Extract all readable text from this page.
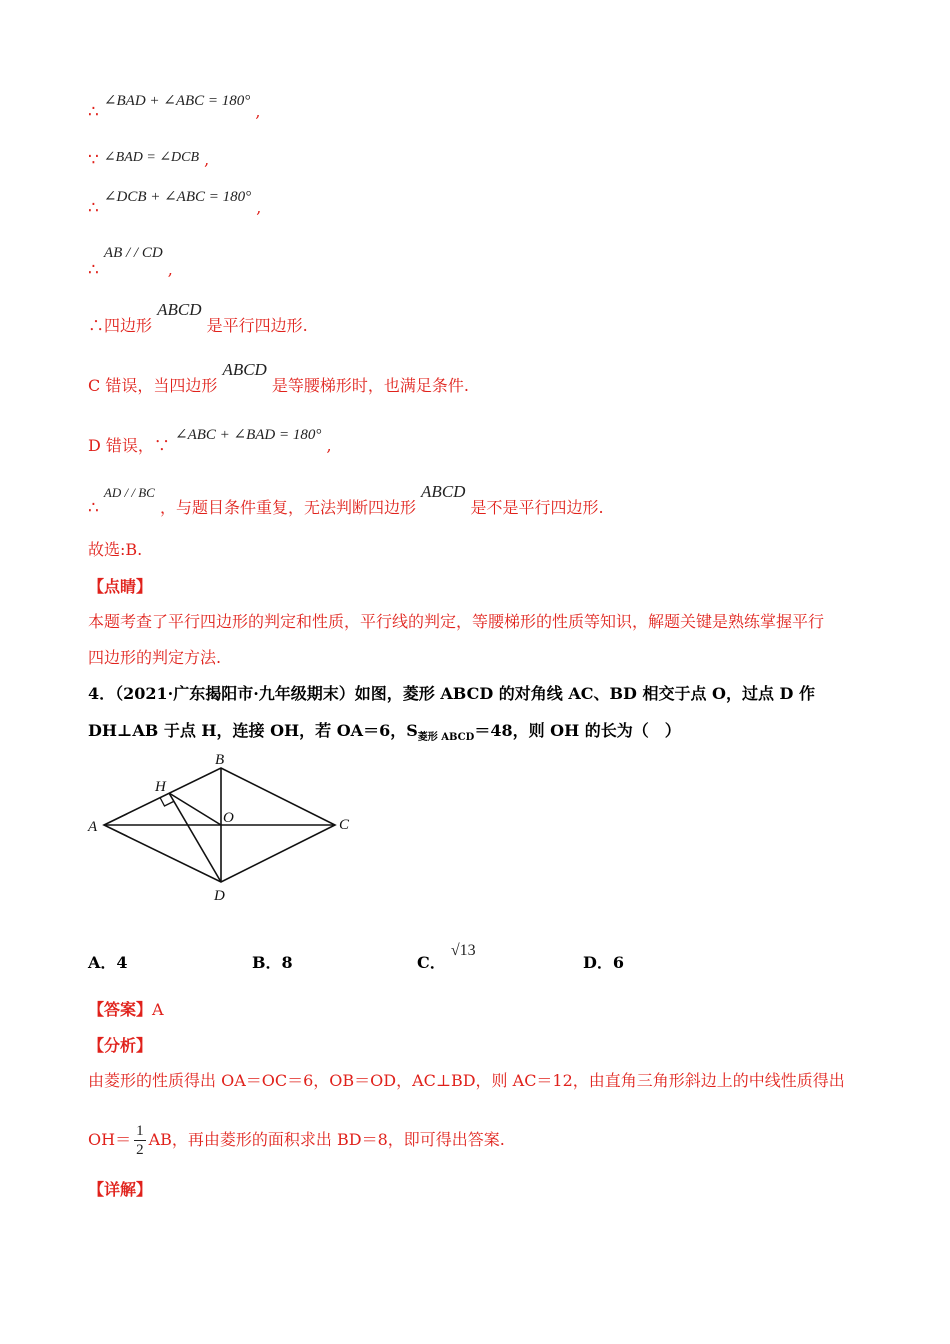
∴ ∠BAD + ∠ABC = 180° ,
∵ ∠BAD = ∠DCB ,
∴ ∠DCB + ∠ABC = 180° ,
∴ AB / / CD ,
∴四边形 ABCD 是平行四边形.
C 错误，当四边形 ABCD 是等腰梯形时，也满足条件.
D 错误，∵ ∠ABC + ∠BAD = 180° ,
∴ AD / / BC ，与题目条件重复，无法判断四边形 ABCD 是不是平行四边形.
故选:B.
【点睛】
本题考查了平行四边形的判定和性质，平行线的判定，等腰梯形的性质等知识，解题关键是熟练掌握平行
四边形的判定方法.
4．（2021·广东揭阳市·九年级期末）如图，菱形 ABCD 的对角线 AC、BD 相交于点 O，过点 D 作
DH⊥AB 于点 H，连接 OH，若 OA＝6，$S_{菱形 ABCD}=48$，则 OH 的长为（　）
A
B
C
D
O
H
A．4	B．8	C． √13
D．6
【答案】A
【分析】
由菱形的性质得出 OA＝OC＝6，OB＝OD，AC⊥BD，则 AC＝12，由直角三角形斜边上的中线性质得出
$OH= \frac{1}{2}$ AB，再由菱形的面积求出 BD＝8，即可得出答案.
【详解】
